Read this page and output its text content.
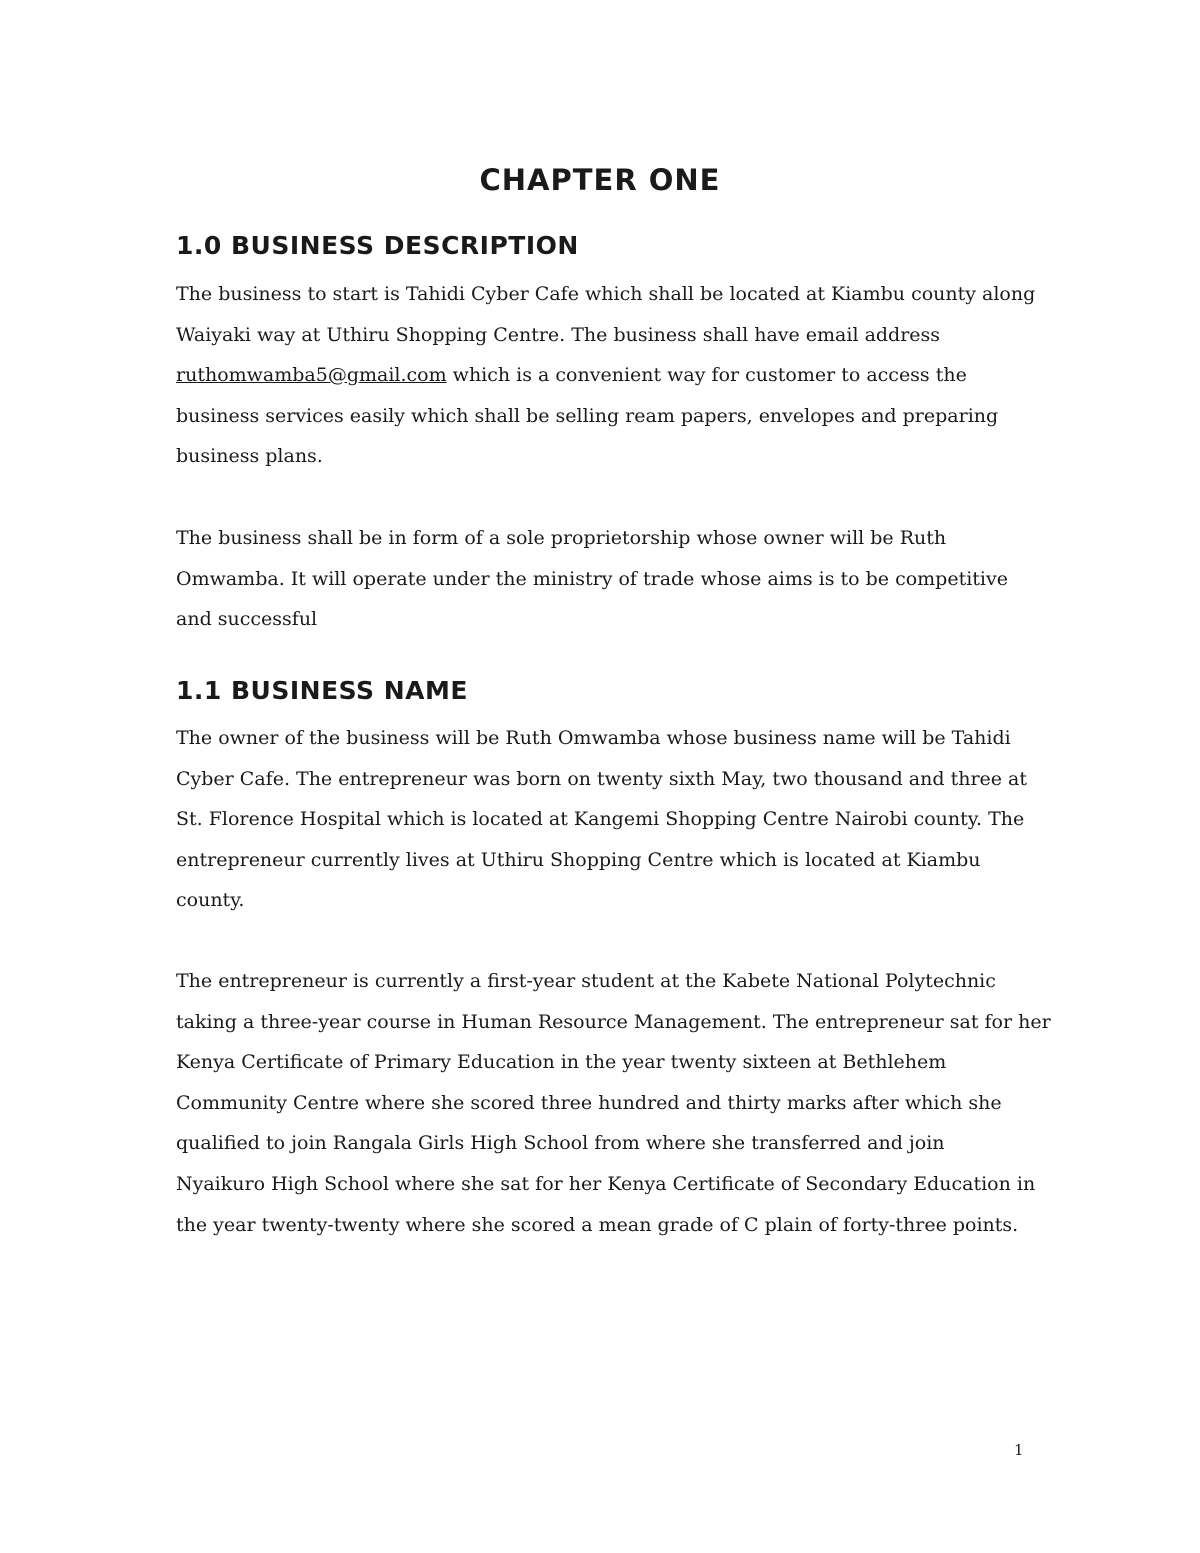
CHAPTER ONE
1.0 BUSINESS DESCRIPTION
The business to start is Tahidi Cyber Cafe which shall be located at Kiambu county along
Waiyaki way at Uthiru Shopping Centre. The business shall have email address
ruthomwamba5@gmail.com which is a convenient way for customer to access the
business services easily which shall be selling ream papers, envelopes and preparing
business plans.
The business shall be in form of a sole proprietorship whose owner will be Ruth
Omwamba. It will operate under the ministry of trade whose aims is to be competitive
and successful
1.1 BUSINESS NAME
The owner of the business will be Ruth Omwamba whose business name will be Tahidi
Cyber Cafe. The entrepreneur was born on twenty sixth May, two thousand and three at
St. Florence Hospital which is located at Kangemi Shopping Centre Nairobi county. The
entrepreneur currently lives at Uthiru Shopping Centre which is located at Kiambu
county.
The entrepreneur is currently a first-year student at the Kabete National Polytechnic
taking a three-year course in Human Resource Management. The entrepreneur sat for her
Kenya Certificate of Primary Education in the year twenty sixteen at Bethlehem
Community Centre where she scored three hundred and thirty marks after which she
qualified to join Rangala Girls High School from where she transferred and join
Nyaikuro High School where she sat for her Kenya Certificate of Secondary Education in
the year twenty-twenty where she scored a mean grade of C plain of forty-three points.

1
